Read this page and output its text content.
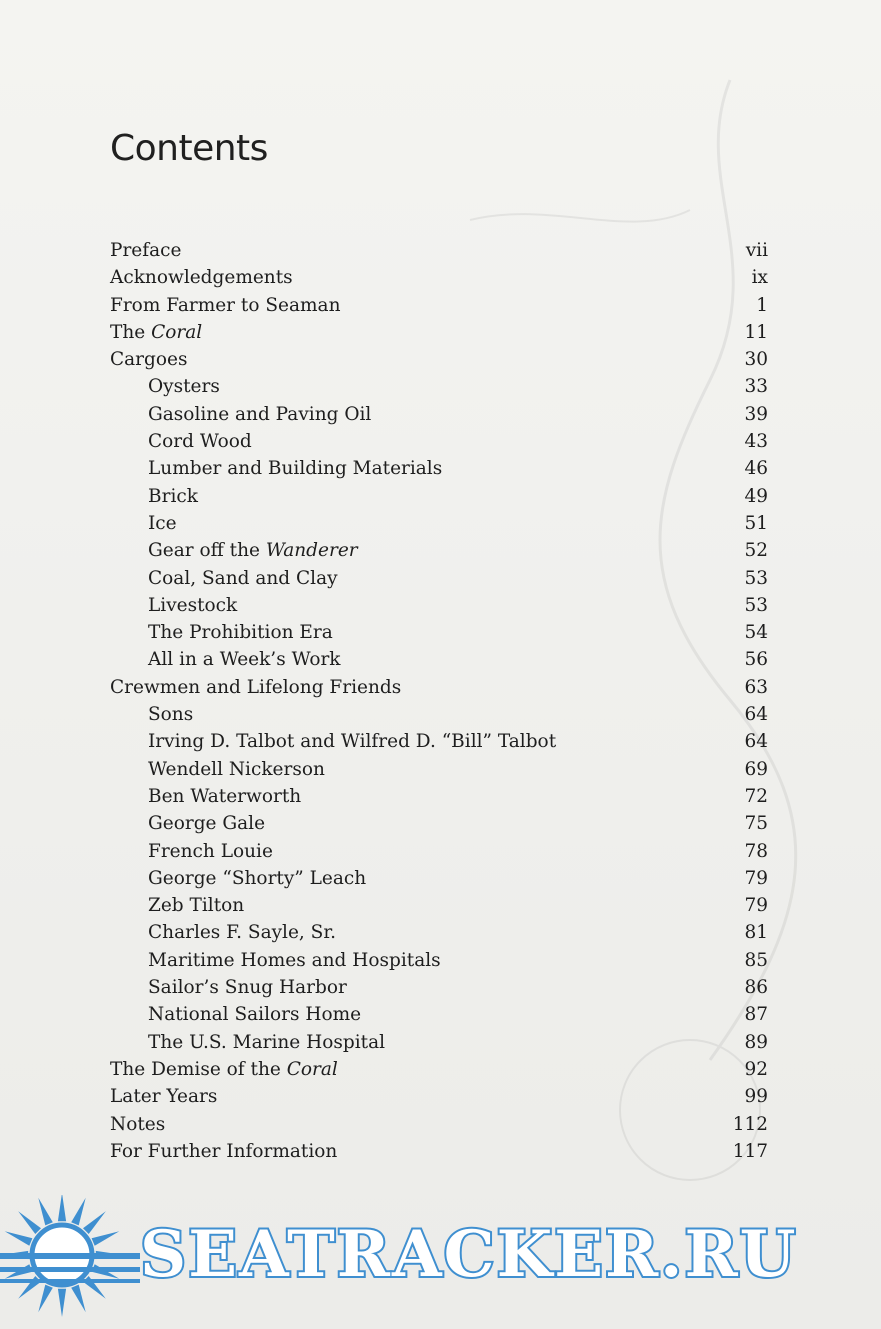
Contents
Preface	vii
Acknowledgements	ix
From Farmer to Seaman	1
The Coral	11
Cargoes	30
Oysters	33
Gasoline and Paving Oil	39
Cord Wood	43
Lumber and Building Materials	46
Brick	49
Ice	51
Gear off the Wanderer	52
Coal, Sand and Clay	53
Livestock	53
The Prohibition Era	54
All in a Week’s Work	56
Crewmen and Lifelong Friends	63
Sons	64
Irving D. Talbot and Wilfred D. “Bill” Talbot	64
Wendell Nickerson	69
Ben Waterworth	72
George Gale	75
French Louie	78
George “Shorty” Leach	79
Zeb Tilton	79
Charles F. Sayle, Sr.	81
Maritime Homes and Hospitals	85
Sailor’s Snug Harbor	86
National Sailors Home	87
The U.S. Marine Hospital	89
The Demise of the Coral	92
Later Years	99
Notes	112
For Further Information	117
SEATRACKER.RU
